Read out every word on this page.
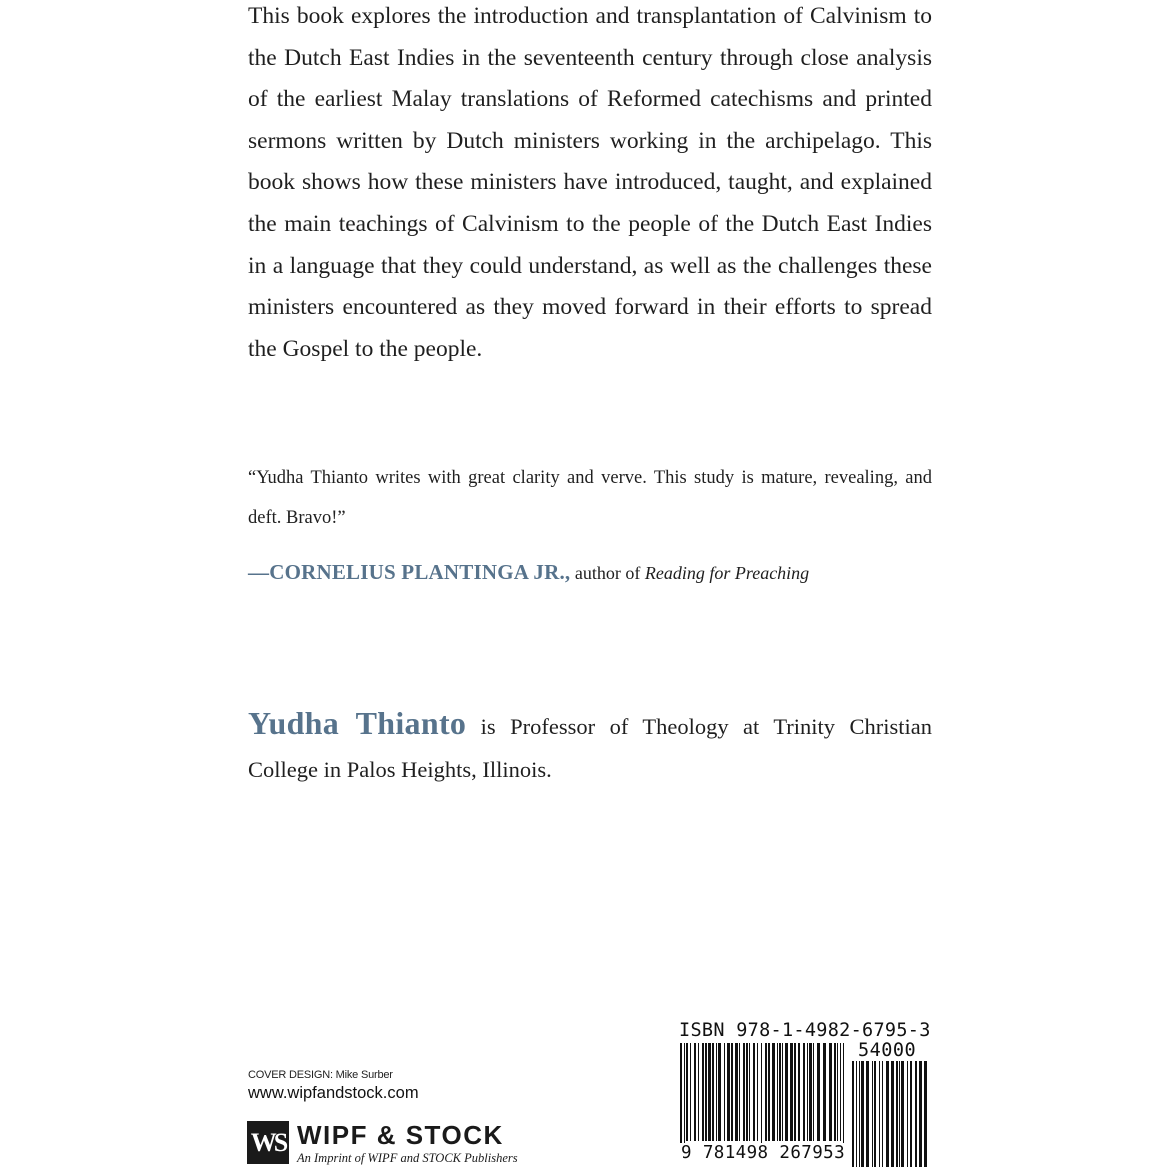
This book explores the introduction and transplantation of Calvinism to the Dutch East Indies in the seventeenth century through close analysis of the earliest Malay translations of Reformed catechisms and printed sermons written by Dutch ministers working in the archipelago. This book shows how these ministers have introduced, taught, and explained the main teachings of Calvinism to the people of the Dutch East Indies in a language that they could understand, as well as the challenges these ministers encountered as they moved forward in their efforts to spread the Gospel to the people.

“Yudha Thianto writes with great clarity and verve. This study is mature, revealing, and deft. Bravo!”

—CORNELIUS PLANTINGA JR., author of Reading for Preaching

Yudha Thianto is Professor of Theology at Trinity Christian College in Palos Heights, Illinois.

COVER DESIGN: Mike Surber
www.wipfandstock.com
WS WIPF & STOCK
An Imprint of WIPF and STOCK Publishers
ISBN 978-1-4982-6795-3
54000
9 781498 267953
